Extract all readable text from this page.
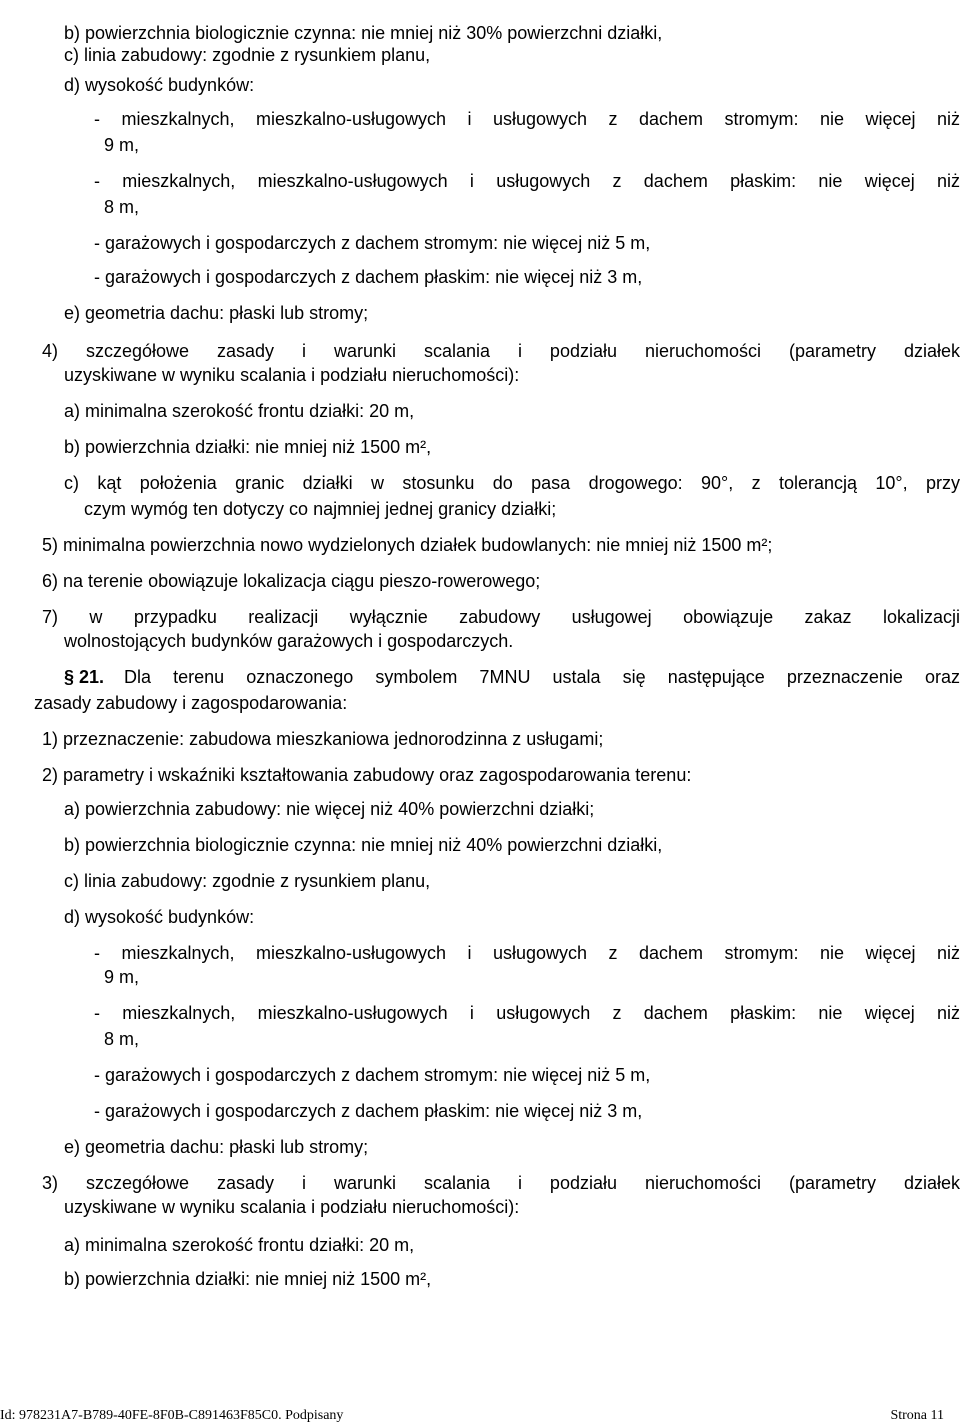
b) powierzchnia biologicznie czynna: nie mniej niż 30% powierzchni działki,
c) linia zabudowy: zgodnie z rysunkiem planu,
d) wysokość budynków:
- mieszkalnych, mieszkalno-usługowych i usługowych z dachem stromym: nie więcej niż
9 m,
- mieszkalnych, mieszkalno-usługowych i usługowych z dachem płaskim: nie więcej niż
8 m,
- garażowych i gospodarczych z dachem stromym: nie więcej niż 5 m,
- garażowych i gospodarczych z dachem płaskim: nie więcej niż 3 m,
e) geometria dachu: płaski lub stromy;
4) szczegółowe zasady i warunki scalania i podziału nieruchomości (parametry działek
uzyskiwane w wyniku scalania i podziału nieruchomości):
a) minimalna szerokość frontu działki: 20 m,
b) powierzchnia działki: nie mniej niż 1500 m²,
c) kąt położenia granic działki w stosunku do pasa drogowego: 90°, z tolerancją 10°, przy
czym wymóg ten dotyczy co najmniej jednej granicy działki;
5) minimalna powierzchnia nowo wydzielonych działek budowlanych: nie mniej niż 1500 m²;
6) na terenie obowiązuje lokalizacja ciągu pieszo-rowerowego;
7) w przypadku realizacji wyłącznie zabudowy usługowej obowiązuje zakaz lokalizacji
wolnostojących budynków garażowych i gospodarczych.
§ 21. Dla terenu oznaczonego symbolem 7MNU ustala się następujące przeznaczenie oraz
zasady zabudowy i zagospodarowania:
1) przeznaczenie: zabudowa mieszkaniowa jednorodzinna z usługami;
2) parametry i wskaźniki kształtowania zabudowy oraz zagospodarowania terenu:
a) powierzchnia zabudowy: nie więcej niż 40% powierzchni działki;
b) powierzchnia biologicznie czynna: nie mniej niż 40% powierzchni działki,
c) linia zabudowy: zgodnie z rysunkiem planu,
d) wysokość budynków:
- mieszkalnych, mieszkalno-usługowych i usługowych z dachem stromym: nie więcej niż
9 m,
- mieszkalnych, mieszkalno-usługowych i usługowych z dachem płaskim: nie więcej niż
8 m,
- garażowych i gospodarczych z dachem stromym: nie więcej niż 5 m,
- garażowych i gospodarczych z dachem płaskim: nie więcej niż 3 m,
e) geometria dachu: płaski lub stromy;
3) szczegółowe zasady i warunki scalania i podziału nieruchomości (parametry działek
uzyskiwane w wyniku scalania i podziału nieruchomości):
a) minimalna szerokość frontu działki: 20 m,
b) powierzchnia działki: nie mniej niż 1500 m²,
Id: 978231A7-B789-40FE-8F0B-C891463F85C0. Podpisany	Strona 11
